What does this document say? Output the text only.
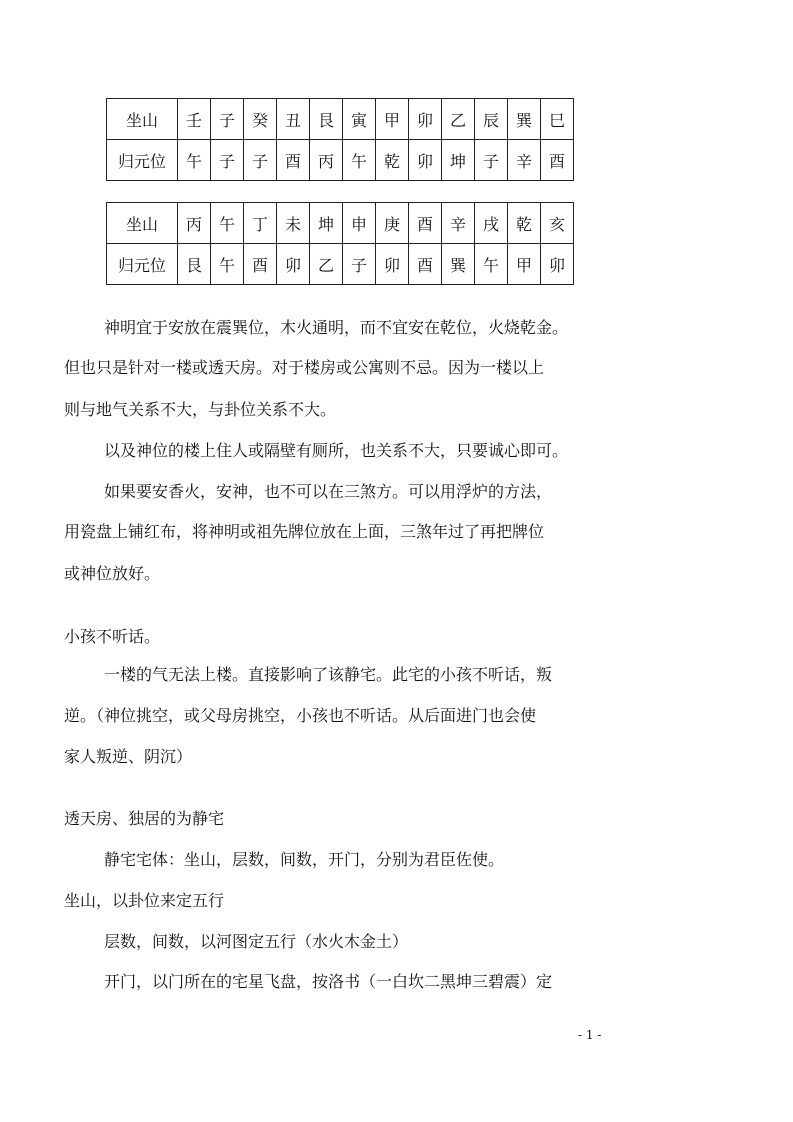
坐山	壬	子	癸	丑	艮	寅	甲	卯	乙	辰	巽	巳
归元位	午	子	子	酉	丙	午	乾	卯	坤	子	辛	酉
坐山	丙	午	丁	未	坤	申	庚	酉	辛	戌	乾	亥
归元位	艮	午	酉	卯	乙	子	卯	酉	巽	午	甲	卯

神明宜于安放在震巽位，木火通明，而不宜安在乾位，火烧乾金。

但也只是针对一楼或透天房。对于楼房或公寓则不忌。因为一楼以上

则与地气关系不大，与卦位关系不大。

以及神位的楼上住人或隔壁有厕所，也关系不大，只要诚心即可。

如果要安香火，安神，也不可以在三煞方。可以用浮炉的方法，

用瓷盘上铺红布，将神明或祖先牌位放在上面，三煞年过了再把牌位

或神位放好。

小孩不听话。

一楼的气无法上楼。直接影响了该静宅。此宅的小孩不听话，叛

逆。（神位挑空，或父母房挑空，小孩也不听话。从后面进门也会使

家人叛逆、阴沉）

透天房、独居的为静宅

静宅宅体：坐山，层数，间数，开门，分别为君臣佐使。

坐山，以卦位来定五行

层数，间数，以河图定五行（水火木金土）

开门，以门所在的宅星飞盘，按洛书（一白坎二黑坤三碧震）定

- 1 -
